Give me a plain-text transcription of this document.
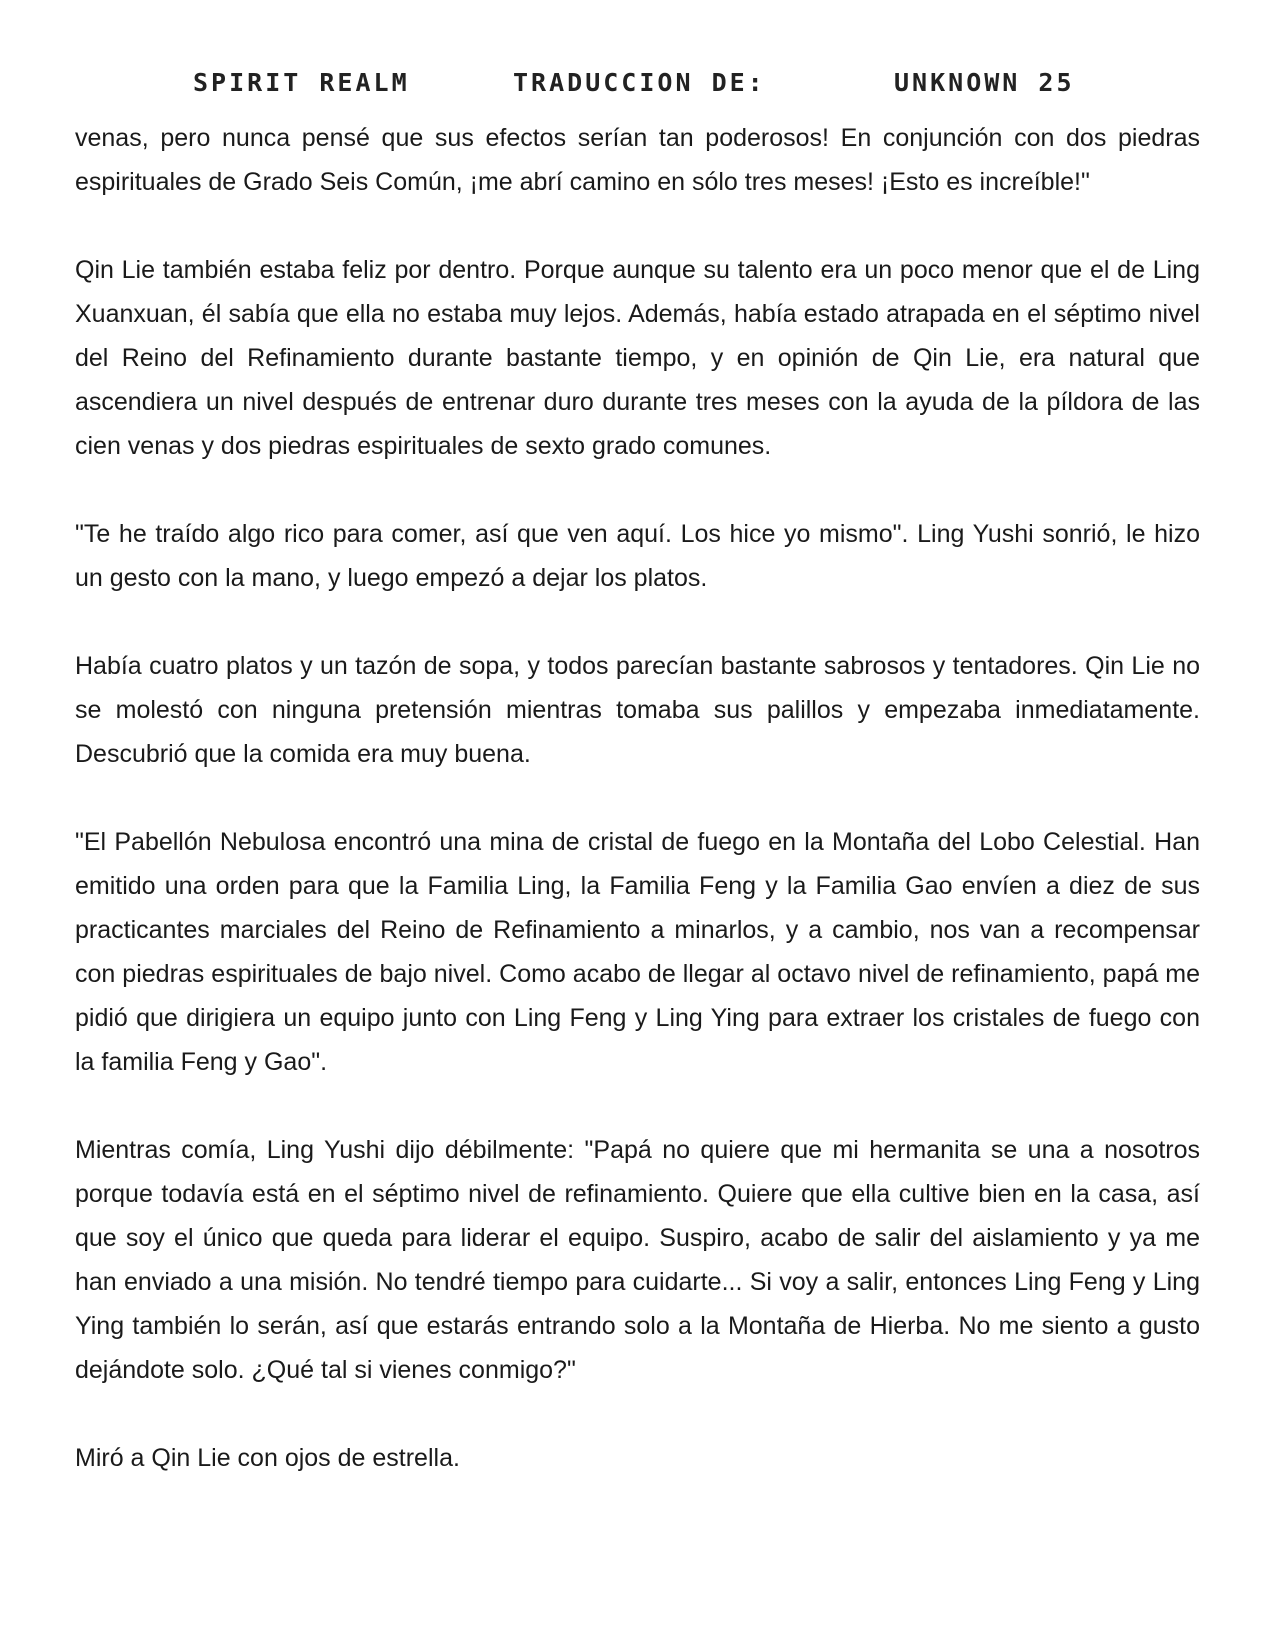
SPIRIT REALM	TRADUCCION DE:	UNKNOWN 25

venas, pero nunca pensé que sus efectos serían tan poderosos! En conjunción con dos piedras espirituales de Grado Seis Común, ¡me abrí camino en sólo tres meses! ¡Esto es increíble!"

Qin Lie también estaba feliz por dentro. Porque aunque su talento era un poco menor que el de Ling Xuanxuan, él sabía que ella no estaba muy lejos. Además, había estado atrapada en el séptimo nivel del Reino del Refinamiento durante bastante tiempo, y en opinión de Qin Lie, era natural que ascendiera un nivel después de entrenar duro durante tres meses con la ayuda de la píldora de las cien venas y dos piedras espirituales de sexto grado comunes.

"Te he traído algo rico para comer, así que ven aquí. Los hice yo mismo". Ling Yushi sonrió, le hizo un gesto con la mano, y luego empezó a dejar los platos.

Había cuatro platos y un tazón de sopa, y todos parecían bastante sabrosos y tentadores. Qin Lie no se molestó con ninguna pretensión mientras tomaba sus palillos y empezaba inmediatamente. Descubrió que la comida era muy buena.

"El Pabellón Nebulosa encontró una mina de cristal de fuego en la Montaña del Lobo Celestial. Han emitido una orden para que la Familia Ling, la Familia Feng y la Familia Gao envíen a diez de sus practicantes marciales del Reino de Refinamiento a minarlos, y a cambio, nos van a recompensar con piedras espirituales de bajo nivel. Como acabo de llegar al octavo nivel de refinamiento, papá me pidió que dirigiera un equipo junto con Ling Feng y Ling Ying para extraer los cristales de fuego con la familia Feng y Gao".

Mientras comía, Ling Yushi dijo débilmente: "Papá no quiere que mi hermanita se una a nosotros porque todavía está en el séptimo nivel de refinamiento. Quiere que ella cultive bien en la casa, así que soy el único que queda para liderar el equipo. Suspiro, acabo de salir del aislamiento y ya me han enviado a una misión. No tendré tiempo para cuidarte... Si voy a salir, entonces Ling Feng y Ling Ying también lo serán, así que estarás entrando solo a la Montaña de Hierba. No me siento a gusto dejándote solo. ¿Qué tal si vienes conmigo?"

Miró a Qin Lie con ojos de estrella.
